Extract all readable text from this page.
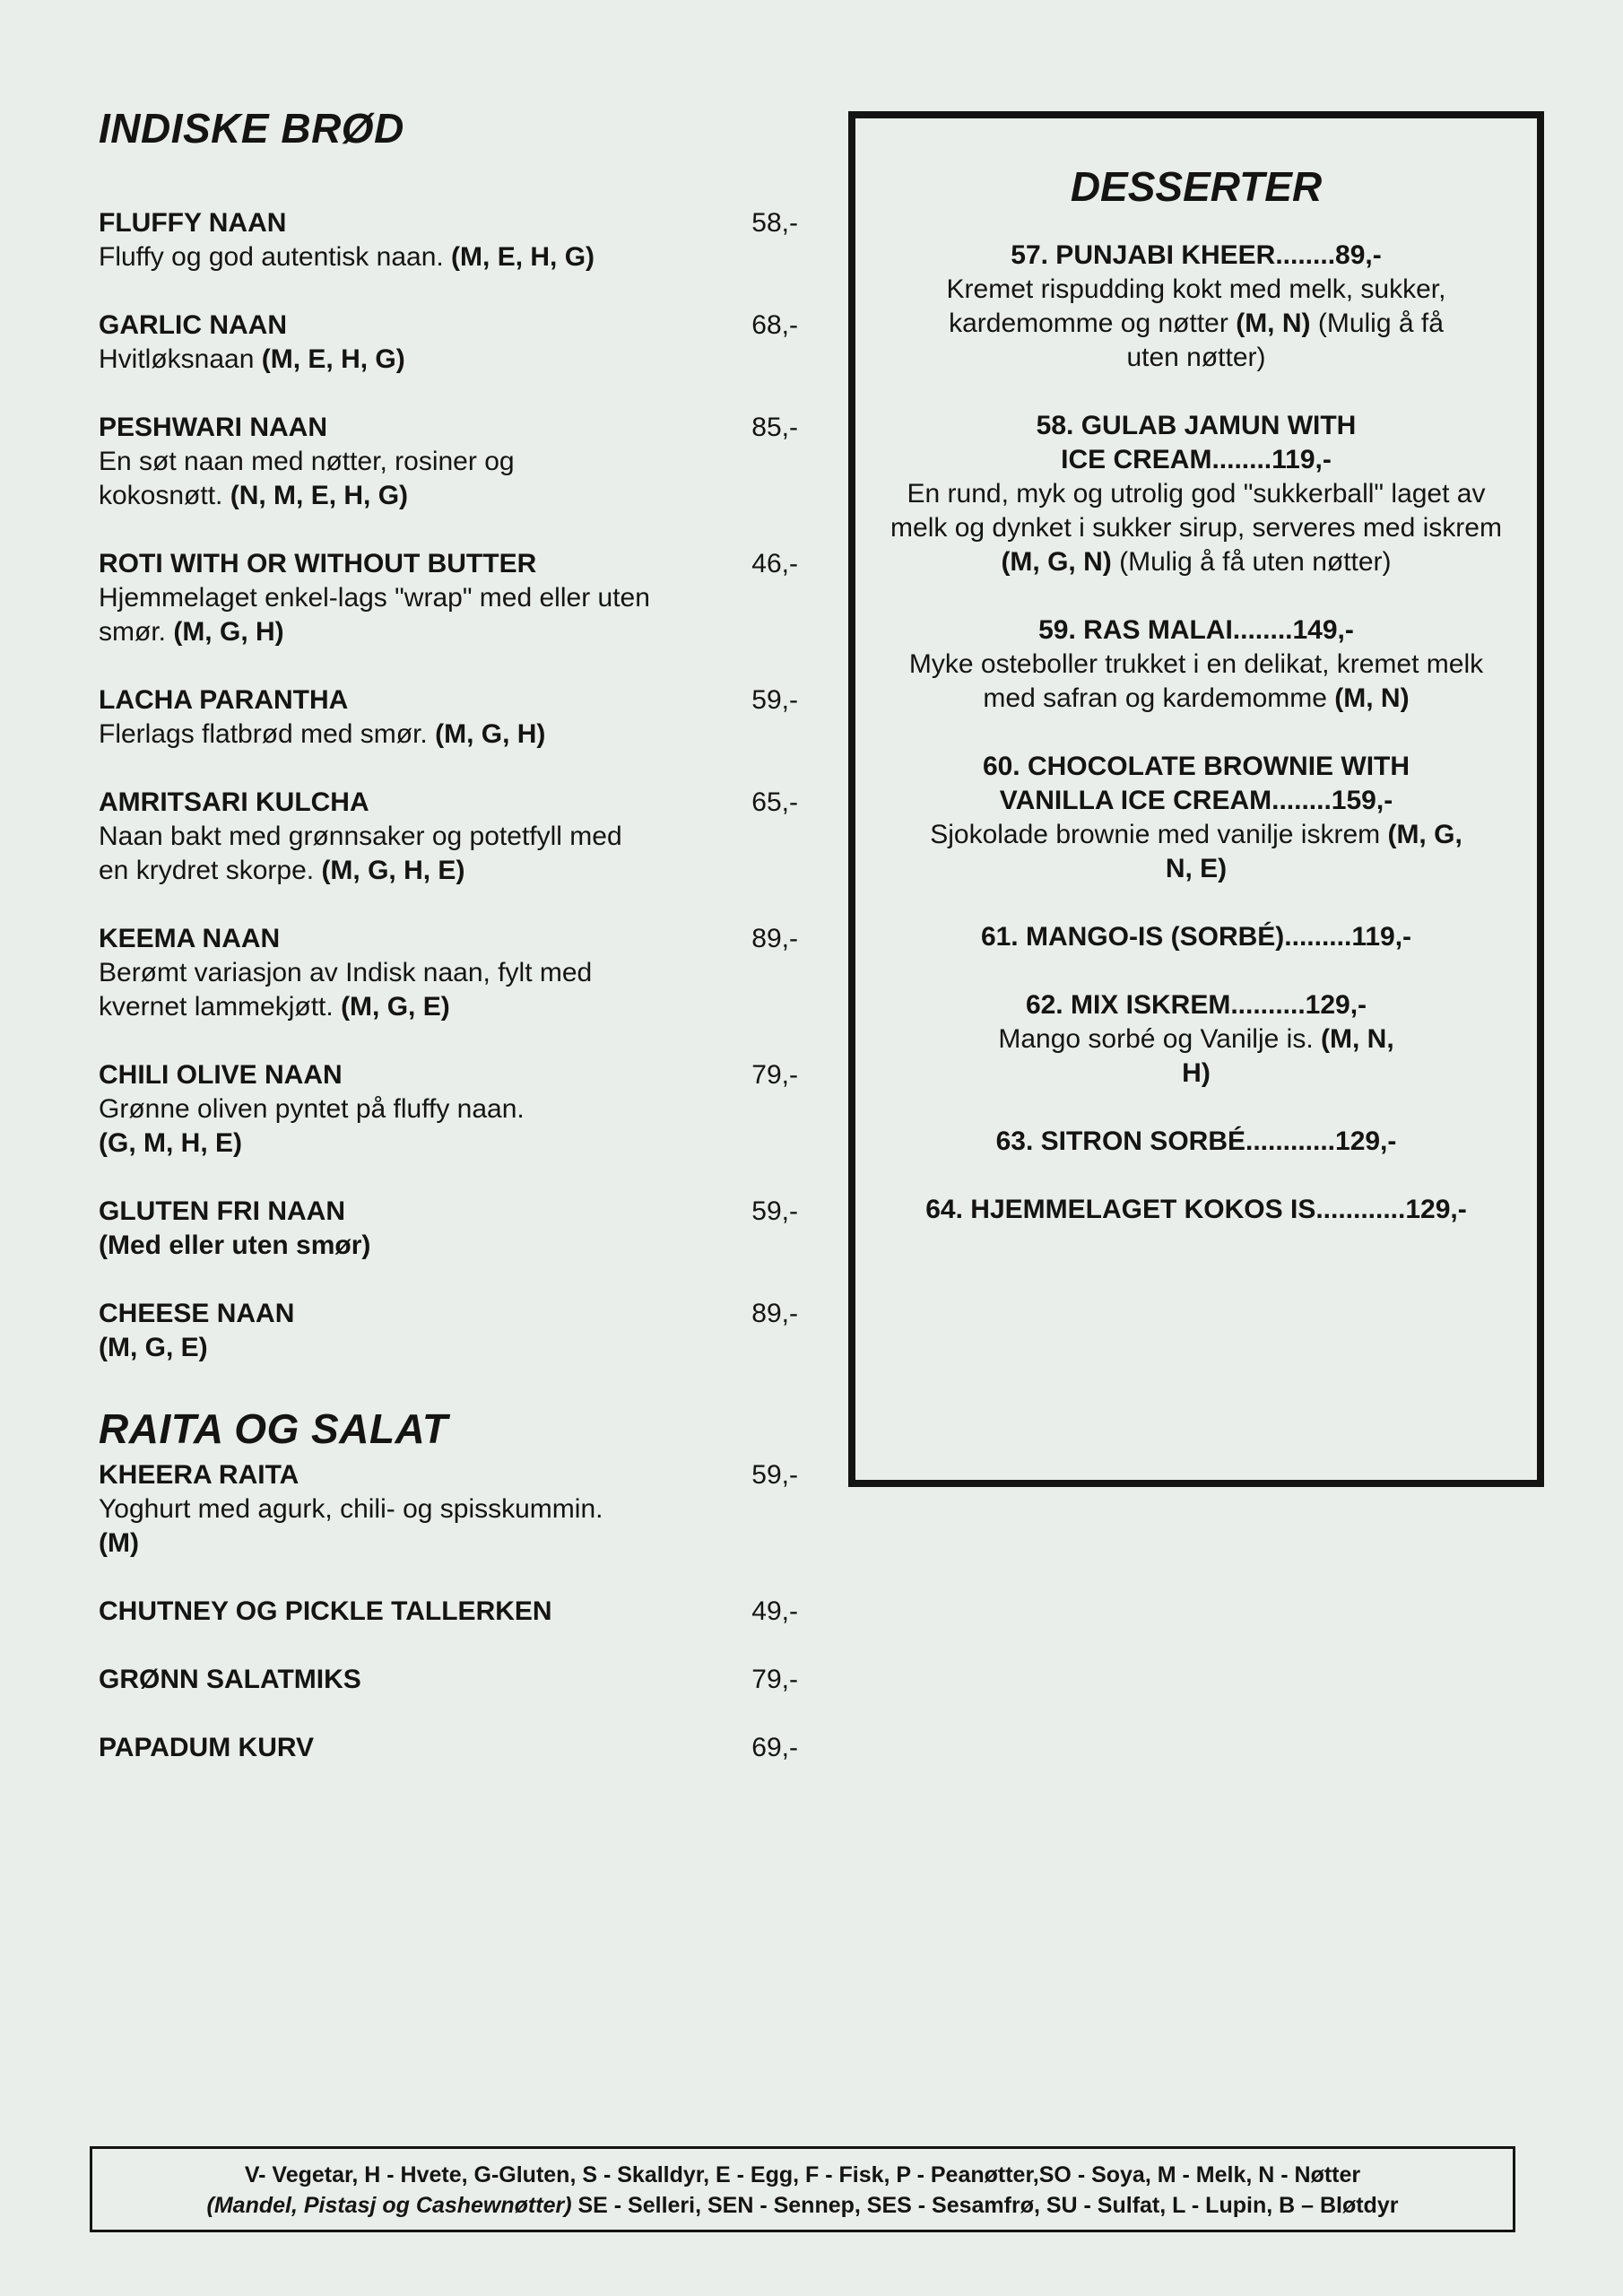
INDISKE BRØD
FLUFFY NAAN	58,-
Fluffy og god autentisk naan. (M, E, H, G)
GARLIC NAAN	68,-
Hvitløksnaan (M, E, H, G)
PESHWARI NAAN	85,-
En søt naan med nøtter, rosiner og kokosnøtt. (N, M, E, H, G)
ROTI WITH OR WITHOUT BUTTER	46,-
Hjemmelaget enkel-lags "wrap" med eller uten smør. (M, G, H)
LACHA PARANTHA	59,-
Flerlags flatbrød med smør. (M, G, H)
AMRITSARI KULCHA	65,-
Naan bakt med grønnsaker og potetfyll med en krydret skorpe. (M, G, H, E)
KEEMA NAAN	89,-
Berømt variasjon av Indisk naan, fylt med kvernet lammekjøtt. (M, G, E)
CHILI OLIVE NAAN	79,-
Grønne oliven pyntet på fluffy naan.
(G, M, H, E)
GLUTEN FRI NAAN	59,-
(Med eller uten smør)
CHEESE NAAN	89,-
(M, G, E)
RAITA OG SALAT
KHEERA RAITA	59,-
Yoghurt med agurk, chili- og spisskummin.
(M)
CHUTNEY OG PICKLE TALLERKEN	49,-
GRØNN SALATMIKS	79,-
PAPADUM KURV	69,-
DESSERTER
57. PUNJABI KHEER........89,-
Kremet rispudding kokt med melk, sukker, kardemomme og nøtter (M, N) (Mulig å få uten nøtter)
58. GULAB JAMUN WITH ICE CREAM........119,-
En rund, myk og utrolig god "sukkerball" laget av melk og dynket i sukker sirup, serveres med iskrem (M, G, N) (Mulig å få uten nøtter)
59. RAS MALAI........149,-
Myke osteboller trukket i en delikat, kremet melk med safran og kardemomme (M, N)
60. CHOCOLATE BROWNIE WITH VANILLA ICE CREAM........159,-
Sjokolade brownie med vanilje iskrem (M, G, N, E)
61. MANGO-IS (SORBÉ).........119,-
62. MIX ISKREM..........129,-
Mango sorbé og Vanilje is. (M, N, H)
63. SITRON SORBÉ............129,-
64. HJEMMELAGET KOKOS IS............129,-
V- Vegetar, H - Hvete, G-Gluten, S - Skalldyr, E - Egg, F - Fisk, P - Peanøtter,SO - Soya, M - Melk, N - Nøtter
(Mandel, Pistasj og Cashewnøtter) SE - Selleri, SEN - Sennep, SES - Sesamfrø, SU - Sulfat, L - Lupin, B – Bløtdyr
